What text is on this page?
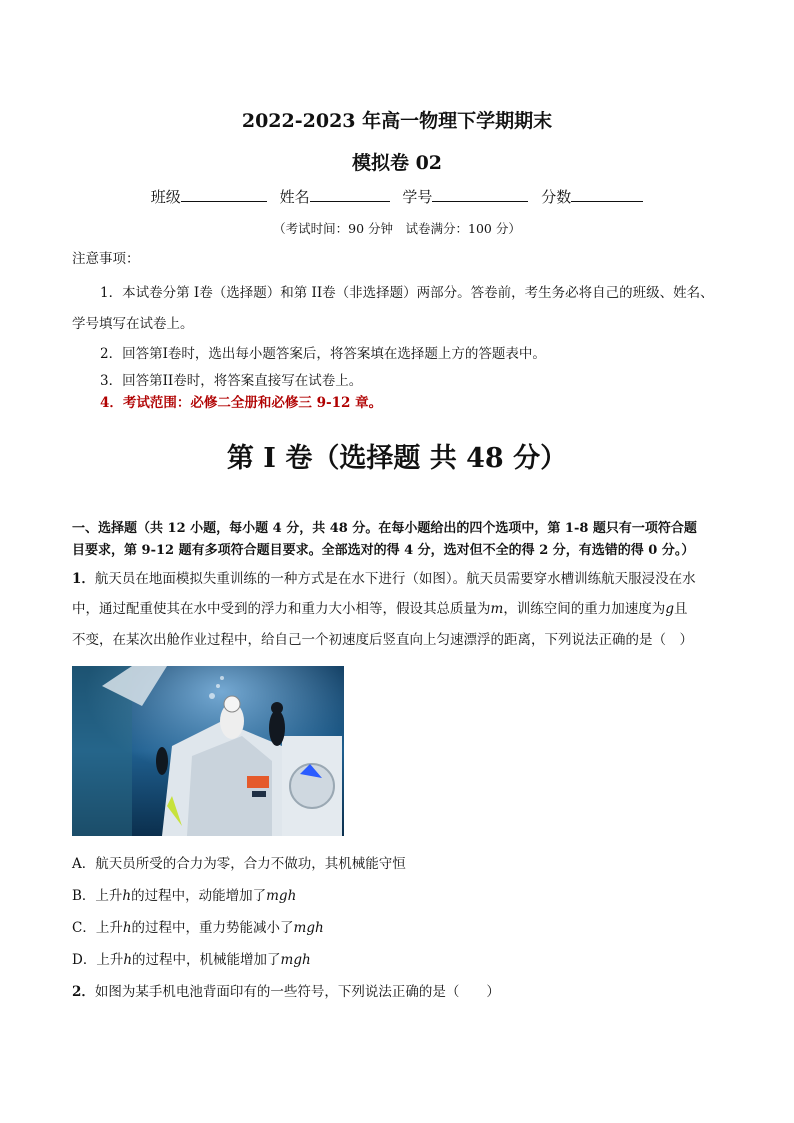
2022-2023 年高一物理下学期期末
模拟卷 02
班级	姓名	学号	分数
（考试时间：90 分钟　试卷满分：100 分）
注意事项：
1．本试卷分第 I卷（选择题）和第 II卷（非选择题）两部分。答卷前，考生务必将自己的班级、姓名、
学号填写在试卷上。
2．回答第I卷时，选出每小题答案后，将答案填在选择题上方的答题表中。
3．回答第II卷时，将答案直接写在试卷上。
4．考试范围：必修二全册和必修三 9-12 章。
第 I 卷（选择题 共 48 分）
一、选择题（共 12 小题，每小题 4 分，共 48 分。在每小题给出的四个选项中，第 1-8 题只有一项符合题
目要求，第 9-12 题有多项符合题目要求。全部选对的得 4 分，选对但不全的得 2 分，有选错的得 0 分。）
1．航天员在地面模拟失重训练的一种方式是在水下进行（如图）。航天员需要穿水槽训练航天服浸没在水
中，通过配重使其在水中受到的浮力和重力大小相等，假设其总质量为m，训练空间的重力加速度为g且
不变，在某次出舱作业过程中，给自己一个初速度后竖直向上匀速漂浮的距离，下列说法正确的是（　）
A．航天员所受的合力为零，合力不做功，其机械能守恒
B．上升h的过程中，动能增加了mgh
C．上升h的过程中，重力势能减小了mgh
D．上升h的过程中，机械能增加了mgh
2．如图为某手机电池背面印有的一些符号，下列说法正确的是（　　）
